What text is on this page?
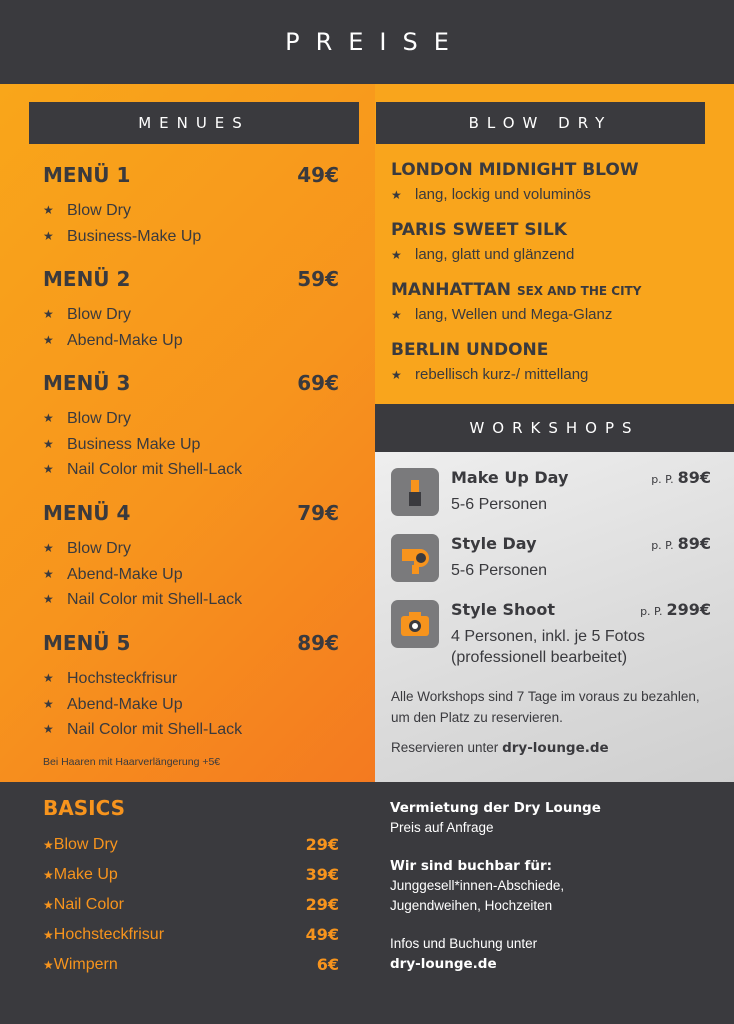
PREISE
MENUES
MENÜ 1	49€
★ Blow Dry
★ Business-Make Up
MENÜ 2	59€
★ Blow Dry
★ Abend-Make Up
MENÜ 3	69€
★ Blow Dry
★ Business Make Up
★ Nail Color mit Shell-Lack
MENÜ 4	79€
★ Blow Dry
★ Abend-Make Up
★ Nail Color mit Shell-Lack
MENÜ 5	89€
★ Hochsteckfrisur
★ Abend-Make Up
★ Nail Color mit Shell-Lack
Bei Haaren mit Haarverlängerung +5€
BLOW DRY
LONDON MIDNIGHT BLOW
★ lang, lockig und voluminös
PARIS SWEET SILK
★ lang, glatt und glänzend
MANHATTAN SEX AND THE CITY
★ lang, Wellen und Mega-Glanz
BERLIN UNDONE
★ rebellisch kurz-/ mittellang
WORKSHOPS
Make Up Day	p. P. 89€
5-6 Personen
Style Day	p. P. 89€
5-6 Personen
Style Shoot	p. P. 299€
4 Personen, inkl. je 5 Fotos (professionell bearbeitet)
Alle Workshops sind 7 Tage im voraus zu bezahlen, um den Platz zu reservieren.
Reservieren unter dry-lounge.de
BASICS
★Blow Dry	29€
★Make Up	39€
★Nail Color	29€
★Hochsteckfrisur	49€
★Wimpern	6€
Vermietung der Dry Lounge
Preis auf Anfrage
Wir sind buchbar für:
Junggesell*innen-Abschiede,
Jugendweihen, Hochzeiten
Infos und Buchung unter
dry-lounge.de
